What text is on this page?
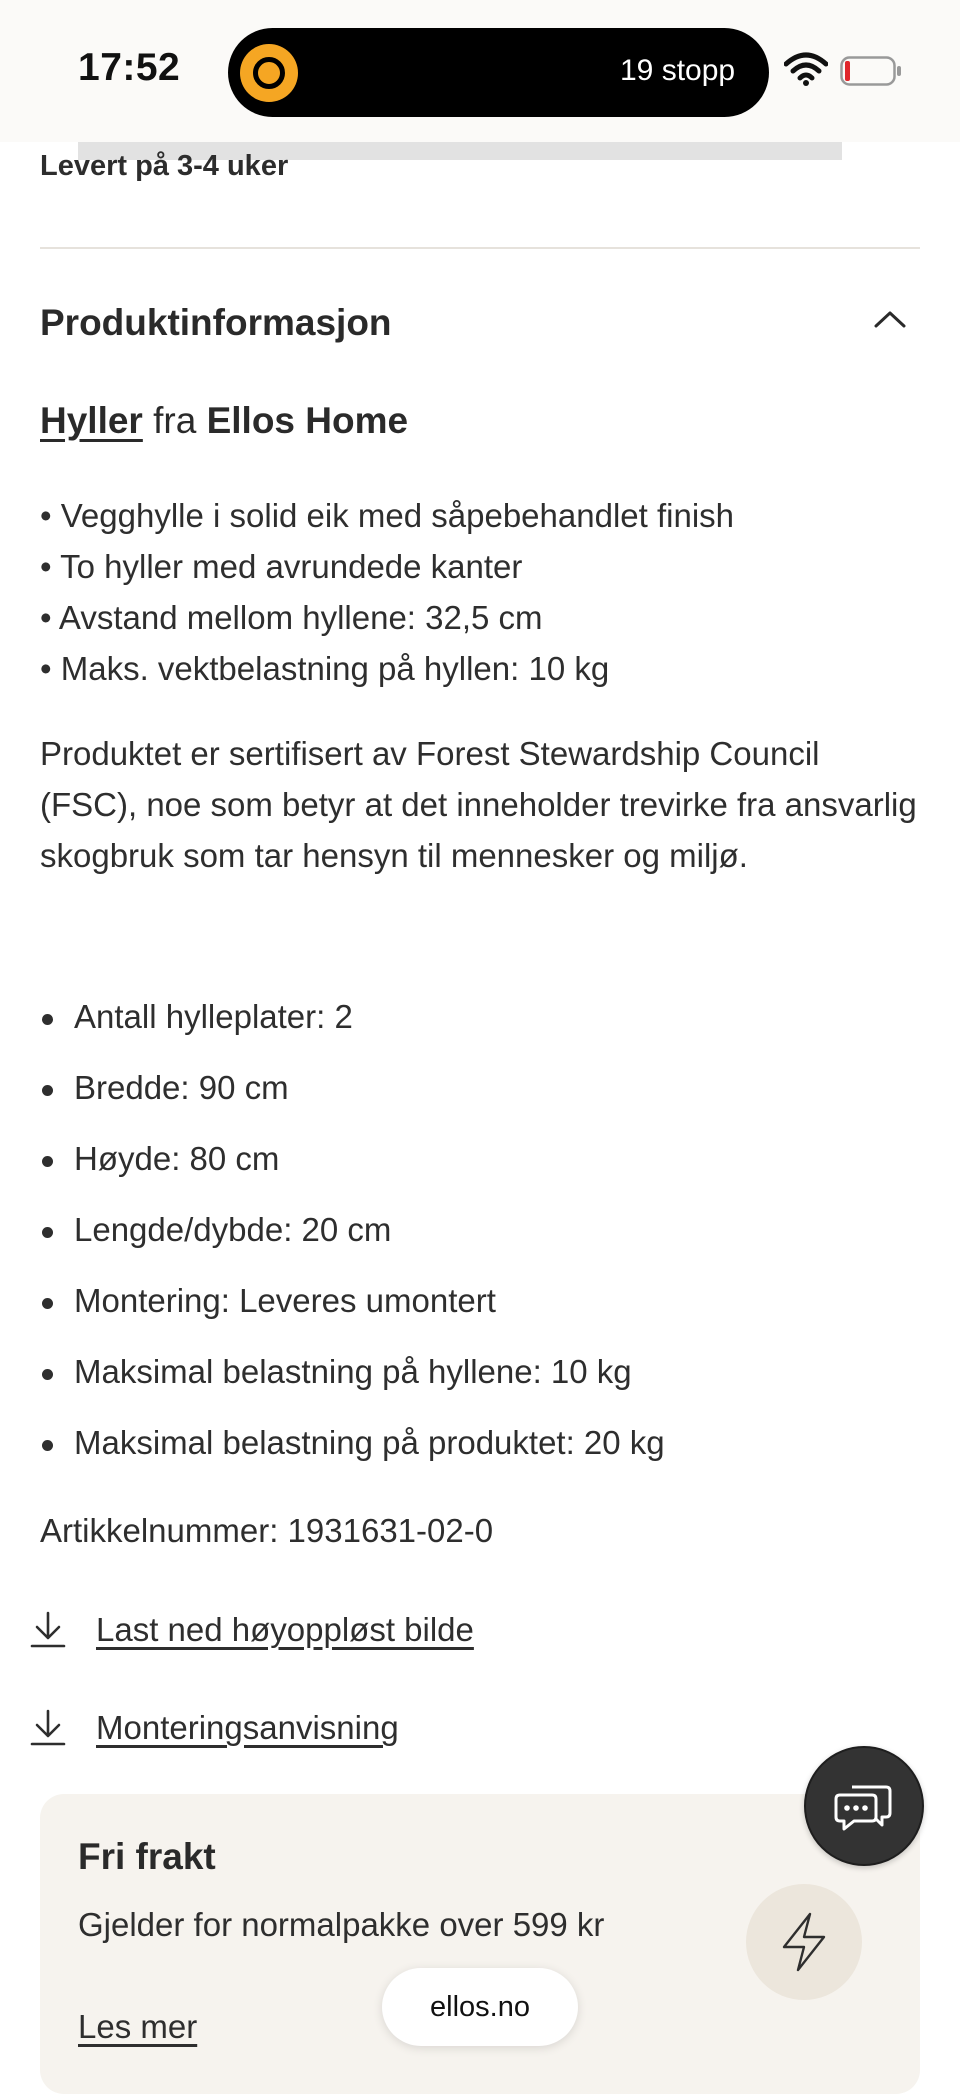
17:52	19 stopp
Levert på 3-4 uker
Produktinformasjon
Hyller fra Ellos Home
• Vegghylle i solid eik med såpebehandlet finish
• To hyller med avrundede kanter
• Avstand mellom hyllene: 32,5 cm
• Maks. vektbelastning på hyllen: 10 kg

Produktet er sertifisert av Forest Stewardship Council (FSC), noe som betyr at det inneholder trevirke fra ansvarlig skogbruk som tar hensyn til mennesker og miljø.

Antall hylleplater: 2
Bredde: 90 cm
Høyde: 80 cm
Lengde/dybde: 20 cm
Montering: Leveres umontert
Maksimal belastning på hyllene: 10 kg
Maksimal belastning på produktet: 20 kg
Artikkelnummer: 1931631-02-0
Last ned høyoppløst bilde
Monteringsanvisning
Fri frakt
Gjelder for normalpakke over 599 kr
Les mer
ellos.no
